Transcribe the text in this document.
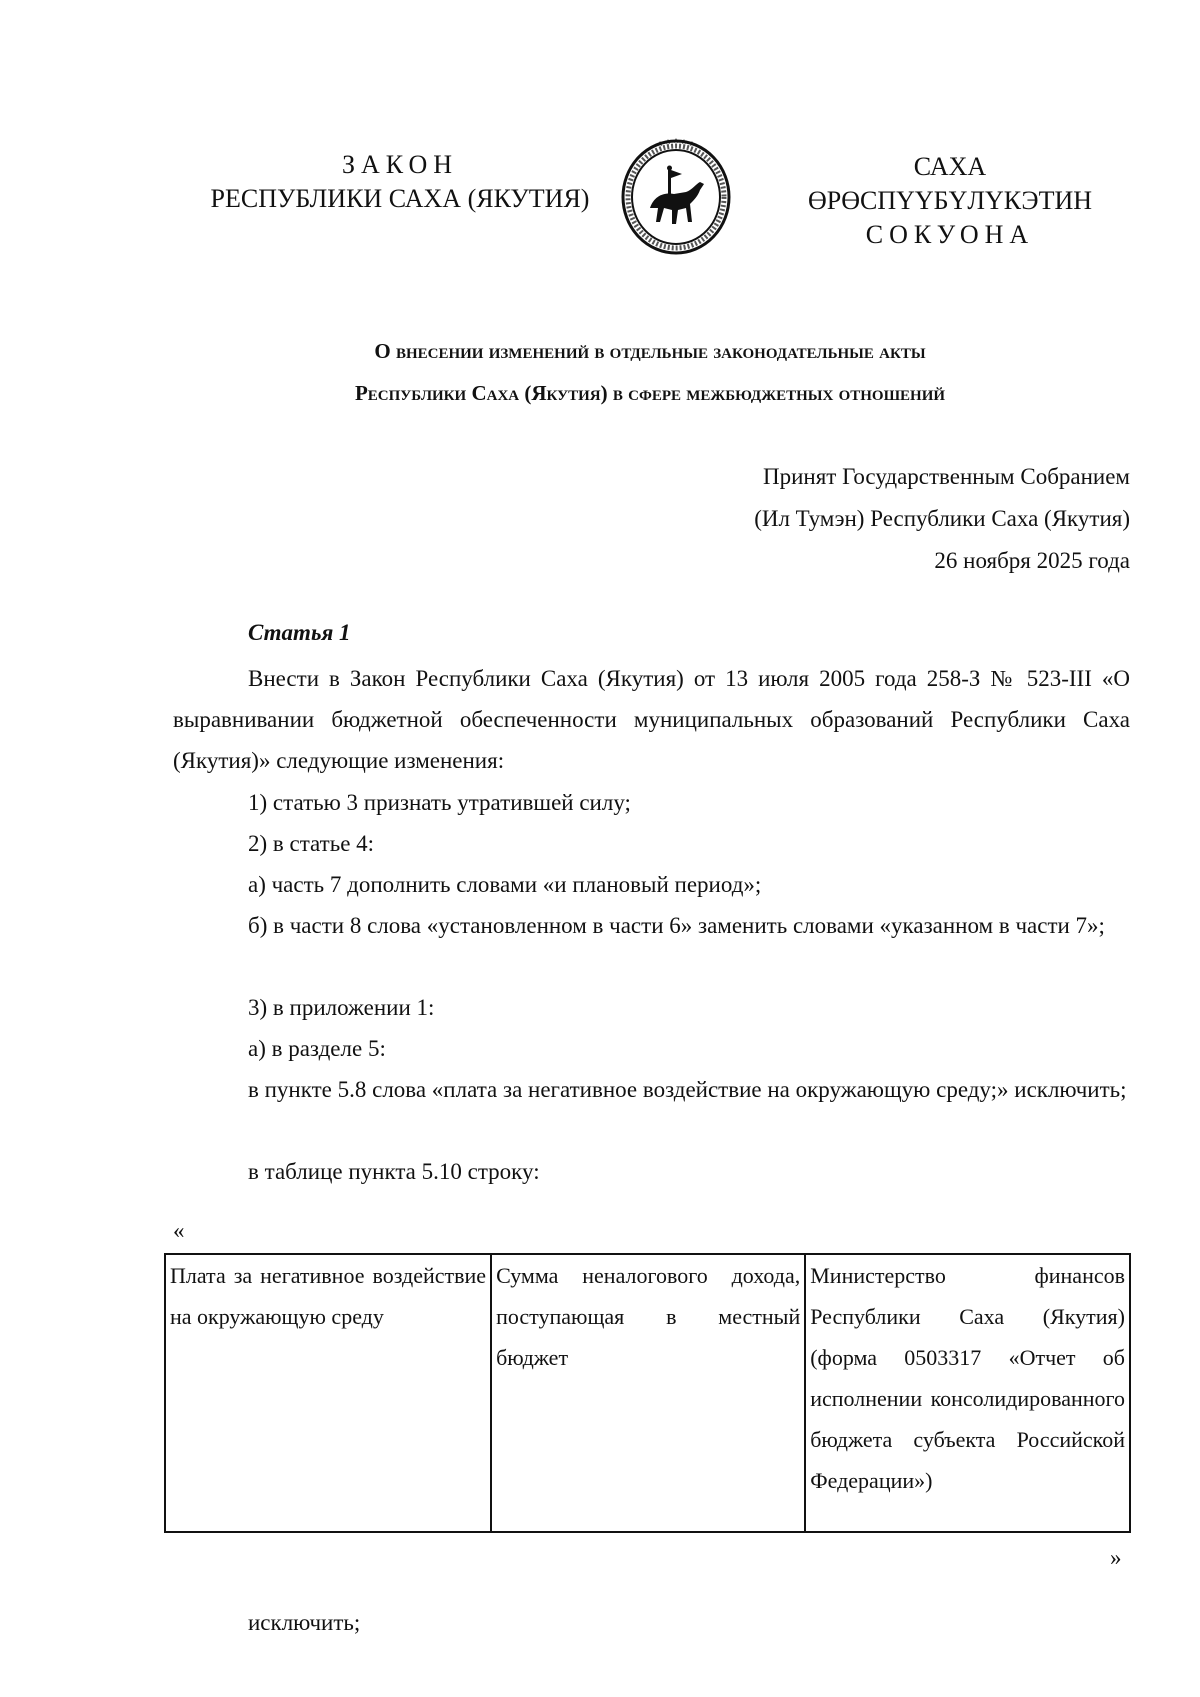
ЗАКОН
РЕСПУБЛИКИ САХА (ЯКУТИЯ)
САХА ӨРӨСПҮҮБҮЛҮКЭТИН
СОКУОНА
О внесении изменений в отдельные законодательные акты
Республики Саха (Якутия) в сфере межбюджетных отношений
Принят Государственным Собранием
(Ил Тумэн) Республики Саха (Якутия)
26 ноября 2025 года
Статья 1
Внести в Закон Республики Саха (Якутия) от 13 июля 2005 года 258-З № 523-III «О выравнивании бюджетной обеспеченности муниципальных образований Республики Саха (Якутия)» следующие изменения:
1) статью 3 признать утратившей силу;
2) в статье 4:
а) часть 7 дополнить словами «и плановый период»;
б) в части 8 слова «установленном в части 6» заменить словами «указанном в части 7»;
3) в приложении 1:
а) в разделе 5:
в пункте 5.8 слова «плата за негативное воздействие на окружающую среду;» исключить;
в таблице пункта 5.10 строку:
«
Плата за негативное воздействие на окружающую среду	Сумма неналогового дохода, поступающая в местный бюджет	Министерство финансов Республики Саха (Якутия) (форма 0503317 «Отчет об исполнении консолидированного бюджета субъекта Российской Федерации»)
»
исключить;
